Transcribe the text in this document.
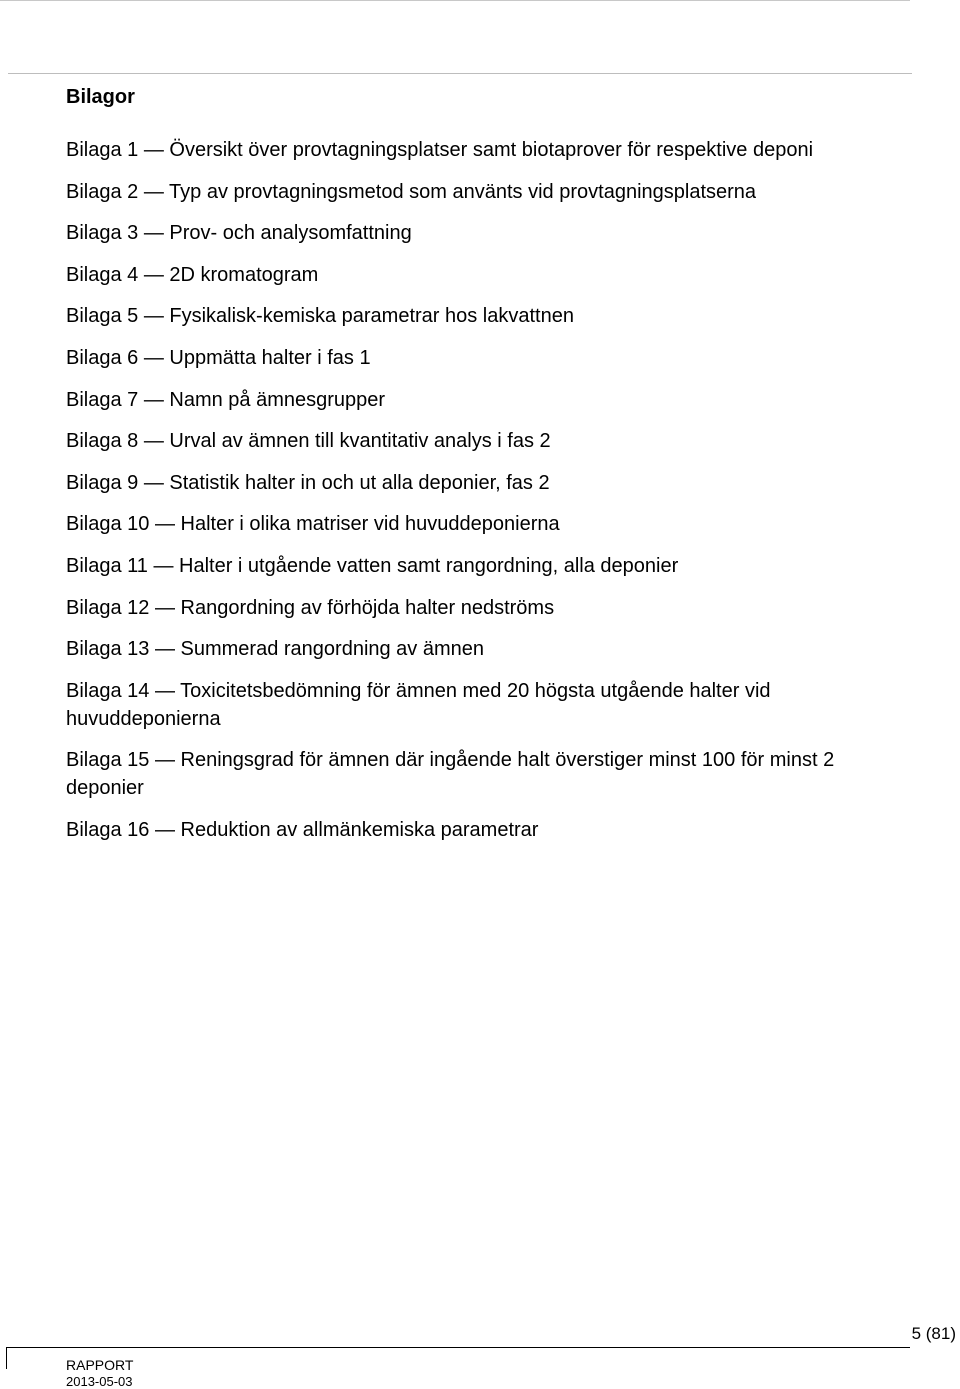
Bilagor
Bilaga 1 — Översikt över provtagningsplatser samt biotaprover för respektive deponi
Bilaga 2 — Typ av provtagningsmetod som använts vid provtagningsplatserna
Bilaga 3 — Prov- och analysomfattning
Bilaga 4 — 2D kromatogram
Bilaga 5 — Fysikalisk-kemiska parametrar hos lakvattnen
Bilaga 6 — Uppmätta halter i fas 1
Bilaga 7 — Namn på ämnesgrupper
Bilaga 8 — Urval av ämnen till kvantitativ analys i fas 2
Bilaga 9 — Statistik halter in och ut alla deponier, fas 2
Bilaga 10 — Halter i olika matriser vid huvuddeponierna
Bilaga 11 — Halter i utgående vatten samt rangordning, alla deponier
Bilaga 12 — Rangordning av förhöjda halter nedströms
Bilaga 13 — Summerad rangordning av ämnen
Bilaga 14 — Toxicitetsbedömning för ämnen med 20 högsta utgående halter vid huvuddeponierna
Bilaga 15 — Reningsgrad för ämnen där ingående halt överstiger minst 100 för minst 2 deponier
Bilaga 16 — Reduktion av allmänkemiska parametrar
5 (81)
RAPPORT
2013-05-03
